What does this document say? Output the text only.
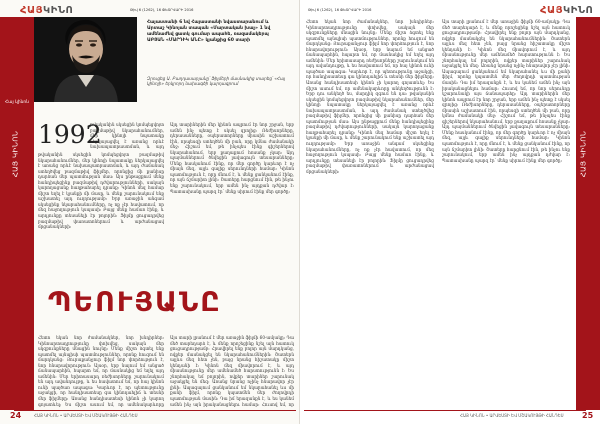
ՀԱՅԿԻՆՈ	Թիվ 6 (1262), 16 ՓԵՏՐՎԱՐԻ 2016
ՀԱՅ ԿԻՆՈՆ
Հայ կինոն
Հայաստանի 6 նվ Հայաստանի նվաստարանում և Արտաշ Կինոյան տապան «Մարտական խաչ» 1 նվ ամենաժնվ ցատկ գումար ապահե, ռազամակերպ ԱԲՑԱՆ «ՄԱՐԴԻԿ ԱՆԸ» կյանքից 60 տարի
Զրուցեց Ա. Բաղդասարյանը՝ Ֆիլմերի մասնակից տարեց՝ «Հայ կինոյի» երկրորդ նախագծի կարդագրում
1992
թվականին սկսեցին կոմպեցվոյտ բազմաթիվ նկարահանումներ, մեր կինոյի նպատակը ներկայացվել է առանց որևէ նախապատրաստման, և այդ
թվականին սկսեցին կոմպեցվոյտ բազմաթիվ նկարահանումներ, մեր կինոյի նպատակը ներկայացվել է առանց որևէ նախապատրաստման, և այդ ժամանակ ստեղծվեց բազմաթիվ ֆիլմեր, որոնցից մի քանիսը դարձան մեր պատմության մաս։ Այս ընթացքում մենք հանդիպեցինք բազմաթիվ դժվարությունների, սակայն կարողացանք հաղթահարել դրանք։ Կինոն մեզ համար միշտ եղել է կյանքի մի մասը, և մենք շարունակում ենք աշխատել այդ ուղղությամբ։ Երբ առաջին անգամ սկսեցինք նկարահանումները, ոչ ոք չէր հավատում, որ մեզ հաջողություն կսպասի։ Բայց մենք համառ էինք, և արդյունքը տեսանելի էր բոլորին։ Ֆիլմը ցուցադրվեց բազմաթիվ փառատոներում և արժանացավ մրցանակների։
Այդ տարիներին մեր կինոն ապրում էր նոր շրջան, երբ ամեն ինչ պետք է սկսել զրոյից։ Ռեժիսորները, դերասանները, օպերատորները միասին աշխատում էին, որպեսզի ստեղծեն մի բան, որը կմնա ժամանակի մեջ։ Հիշում եմ, թե ինչպես էինք գիշերներով նկարահանում, երբ քաղաքում հոսանք չկար։ Այդ պայմաններում ծնվեցին լավագույն տեսարանները։ Մենք հասկանում էինք, որ մեր գործը կարևոր է ոչ միայն մեզ, այլև գալիք սերունդների համար։ Կինոն պատմություն է, որը մնում է, և մենք ցանկանում էինք, որ այն ճշմարիտ լինի։ Շատերը հարցնում էին, թե ինչու ենք շարունակում, երբ ամեն ինչ այդքան դժվար է։ Պատասխանը պարզ էր՝ մենք սիրում էինք մեր գործը։
ՊԵՈՒՅԱՆԸ
Հետո եկան նոր ժամանակներ, նոր խնդիրներ։ Կինոարտադրությունը փոխվեց, սակայն մեր սկզբունքները մնացին նույնը։ Մենք միշտ ձգտել ենք պատմել այնպիսի պատմություններ, որոնք հուզում են մարդկանց։ Յուրաքանչյուր ֆիլմ նոր փորձություն է, նոր հնարավորություն։ Այսօր, երբ նայում եմ անցած ճանապարհին, հպարտ եմ, որ մասնակից եմ եղել այդ ամենին։ Մեր երիտասարդ ռեժիսորները շարունակում են այդ ավանդույթը, և ես հավատում եմ, որ հայ կինոն ունի պայծառ ապագա։ Կարևոր է, որ պետությունը աջակցի, որ հանդիսատեսը գա կինոդահլիճ և տեսնի մեր ֆիլմերը։ Առանց հանդիսատեսի կինոն չի կարող գոյատևել։ Ես միշտ ասում եմ, որ ամենակարևորը
Այս տարի լրանում է մեր առաջին ֆիլմի 60-ամյակը։ Դա մեծ տարեդարձ է, և մենք որոշեցինք նշել այն հատուկ ցուցադրությամբ։ Հրավիրել ենք բոլոր այն մարդկանց, ովքեր մասնակցել են նկարահանումներին։ Շատերն այլևս մեզ հետ չեն, բայց նրանց հիշատակը միշտ կենդանի է։ Կինոն մեզ միավորում է, և այդ միասնությունը մեր ամենամեծ հարստությունն է։ Ես շնորհակալ եմ բոլորին, ովքեր տարիներ շարունակ աջակցել են մեզ։ Առանց նրանց ոչինչ հնարավոր չէր լինի։ Ապագայում ցանկանում եմ նկարահանել ևս մի քանի ֆիլմ, որոնք կպատմեն մեր ժողովրդի պատմության մասին։ Դա իմ երազանքն է, և ես կանեմ ամեն ինչ այն իրականացնելու համար։ Հուսով եմ, որ
24	ՀԱՅ ԿԻՆՈՆ • ԱՐՎԵՍՏԻ ԵՎ ՄՇԱԿՈՒՅԹԻ ՀԱՆԴԵՍ
Թիվ 6 (1262), 16 ՓԵՏՐՎԱՐԻ 2016	ՀԱՅԿԻՆՈ
Հետո եկան նոր ժամանակներ, նոր խնդիրներ։ Կինոարտադրությունը փոխվեց, սակայն մեր սկզբունքները մնացին նույնը։ Մենք միշտ ձգտել ենք պատմել այնպիսի պատմություններ, որոնք հուզում են մարդկանց։ Յուրաքանչյուր ֆիլմ նոր փորձություն է, նոր հնարավորություն։ Այսօր, երբ նայում եմ անցած ճանապարհին, հպարտ եմ, որ մասնակից եմ եղել այդ ամենին։ Մեր երիտասարդ ռեժիսորները շարունակում են այդ ավանդույթը, և ես հավատում եմ, որ հայ կինոն ունի պայծառ ապագա։ Կարևոր է, որ պետությունը աջակցի, որ հանդիսատեսը գա կինոդահլիճ և տեսնի մեր ֆիլմերը։ Առանց հանդիսատեսի կինոն չի կարող գոյատևել։ Ես միշտ ասում եմ, որ ամենակարևորը անկեղծությունն է։ Երբ դու անկեղծ ես, մարդիկ զգում են դա։ թվականին սկսեցին կոմպեցվոյտ բազմաթիվ նկարահանումներ, մեր կինոյի նպատակը ներկայացվել է առանց որևէ նախապատրաստման, և այդ ժամանակ ստեղծվեց բազմաթիվ ֆիլմեր, որոնցից մի քանիսը դարձան մեր պատմության մաս։ Այս ընթացքում մենք հանդիպեցինք բազմաթիվ դժվարությունների, սակայն կարողացանք հաղթահարել դրանք։ Կինոն մեզ համար միշտ եղել է կյանքի մի մասը, և մենք շարունակում ենք աշխատել այդ ուղղությամբ։ Երբ առաջին անգամ սկսեցինք նկարահանումները, ոչ ոք չէր հավատում, որ մեզ հաջողություն կսպասի։ Բայց մենք համառ էինք, և արդյունքը տեսանելի էր բոլորին։ Ֆիլմը ցուցադրվեց բազմաթիվ փառատոներում և արժանացավ մրցանակների։
Այս տարի լրանում է մեր առաջին ֆիլմի 60-ամյակը։ Դա մեծ տարեդարձ է, և մենք որոշեցինք նշել այն հատուկ ցուցադրությամբ։ Հրավիրել ենք բոլոր այն մարդկանց, ովքեր մասնակցել են նկարահանումներին։ Շատերն այլևս մեզ հետ չեն, բայց նրանց հիշատակը միշտ կենդանի է։ Կինոն մեզ միավորում է, և այդ միասնությունը մեր ամենամեծ հարստությունն է։ Ես շնորհակալ եմ բոլորին, ովքեր տարիներ շարունակ աջակցել են մեզ։ Առանց նրանց ոչինչ հնարավոր չէր լինի։ Ապագայում ցանկանում եմ նկարահանել ևս մի քանի ֆիլմ, որոնք կպատմեն մեր ժողովրդի պատմության մասին։ Դա իմ երազանքն է, և ես կանեմ ամեն ինչ այն իրականացնելու համար։ Հուսով եմ, որ նոր սերունդը կշարունակի այս ճանապարհը։ Այդ տարիներին մեր կինոն ապրում էր նոր շրջան, երբ ամեն ինչ պետք է սկսել զրոյից։ Ռեժիսորները, դերասանները, օպերատորները միասին աշխատում էին, որպեսզի ստեղծեն մի բան, որը կմնա ժամանակի մեջ։ Հիշում եմ, թե ինչպես էինք գիշերներով նկարահանում, երբ քաղաքում հոսանք չկար։ Այդ պայմաններում ծնվեցին լավագույն տեսարանները։ Մենք հասկանում էինք, որ մեր գործը կարևոր է ոչ միայն մեզ, այլև գալիք սերունդների համար։ Կինոն պատմություն է, որը մնում է, և մենք ցանկանում էինք, որ այն ճշմարիտ լինի։ Շատերը հարցնում էին, թե ինչու ենք շարունակում, երբ ամեն ինչ այդքան դժվար է։ Պատասխանը պարզ էր՝ մենք սիրում էինք մեր գործը։	ՀԱՅ ԿԻՆՈՆ
ՀԱՅ ԿԻՆՈՆ • ԱՐՎԵՍՏԻ ԵՎ ՄՇԱԿՈՒՅԹԻ ՀԱՆԴԵՍ 25
